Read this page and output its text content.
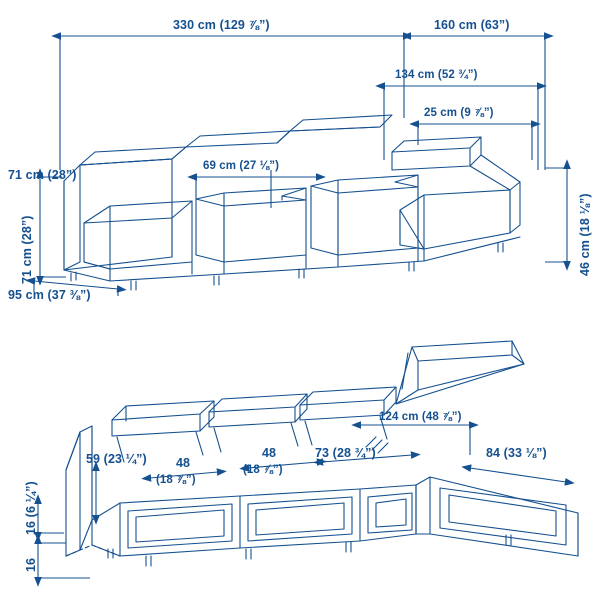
330 cm (129 ⅞”)	160 cm (63”)
134 cm (52 ¾”)
25 cm (9 ⅞”)
69 cm (27 ⅛”)
71 cm (28”)
71 cm (28”)
95 cm (37 ⅜”)
46 cm (18 ⅛”)
124 cm (48 ⅞”)
59 (23 ¼”) 48
(18 ⅞”)
48
(18 ⅞”)
73 (28 ¾”)	84 (33 ⅛”)
16 (6 ¼”)
16
